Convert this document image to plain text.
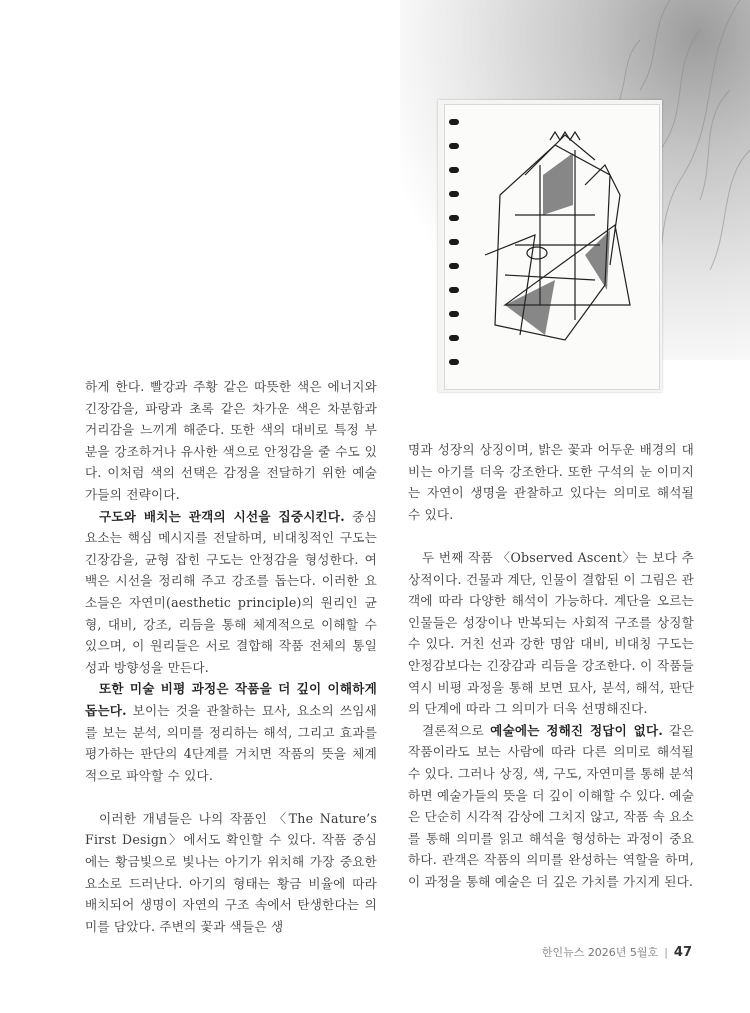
하게 한다. 빨강과 주황 같은 따뜻한 색은 에너지와 긴장감을, 파랑과 초록 같은 차가운 색은 차분함과 거리감을 느끼게 해준다. 또한 색의 대비로 특정 부분을 강조하거나 유사한 색으로 안정감을 줄 수도 있다. 이처럼 색의 선택은 감정을 전달하기 위한 예술가들의 전략이다.

구도와 배치는 관객의 시선을 집중시킨다. 중심 요소는 핵심 메시지를 전달하며, 비대칭적인 구도는 긴장감을, 균형 잡힌 구도는 안정감을 형성한다. 여백은 시선을 정리해 주고 강조를 돕는다. 이러한 요소들은 자연미(aesthetic principle)의 원리인 균형, 대비, 강조, 리듬을 통해 체계적으로 이해할 수 있으며, 이 원리들은 서로 결합해 작품 전체의 통일성과 방향성을 만든다.

또한 미술 비평 과정은 작품을 더 깊이 이해하게 돕는다. 보이는 것을 관찰하는 묘사, 요소의 쓰임새를 보는 분석, 의미를 정리하는 해석, 그리고 효과를 평가하는 판단의 4단계를 거치면 작품의 뜻을 체계적으로 파악할 수 있다.

이러한 개념들은 나의 작품인 〈The Nature’s First Design〉에서도 확인할 수 있다. 작품 중심에는 황금빛으로 빛나는 아기가 위치해 가장 중요한 요소로 드러난다. 아기의 형태는 황금 비율에 따라 배치되어 생명이 자연의 구조 속에서 탄생한다는 의미를 담았다. 주변의 꽃과 색들은 생

명과 성장의 상징이며, 밝은 꽃과 어두운 배경의 대비는 아기를 더욱 강조한다. 또한 구석의 눈 이미지는 자연이 생명을 관찰하고 있다는 의미로 해석될 수 있다.

두 번째 작품 〈Observed Ascent〉는 보다 추상적이다. 건물과 계단, 인물이 결합된 이 그림은 관객에 따라 다양한 해석이 가능하다. 계단을 오르는 인물들은 성장이나 반복되는 사회적 구조를 상징할 수 있다. 거친 선과 강한 명암 대비, 비대칭 구도는 안정감보다는 긴장감과 리듬을 강조한다. 이 작품들 역시 비평 과정을 통해 보면 묘사, 분석, 해석, 판단의 단계에 따라 그 의미가 더욱 선명해진다.

결론적으로 예술에는 정해진 정답이 없다. 같은 작품이라도 보는 사람에 따라 다른 의미로 해석될 수 있다. 그러나 상징, 색, 구도, 자연미를 통해 분석하면 예술가들의 뜻을 더 깊이 이해할 수 있다. 예술은 단순히 시각적 감상에 그치지 않고, 작품 속 요소를 통해 의미를 읽고 해석을 형성하는 과정이 중요하다. 관객은 작품의 의미를 완성하는 역할을 하며, 이 과정을 통해 예술은 더 깊은 가치를 가지게 된다.

한인뉴스 2026년 5월호 | 47
